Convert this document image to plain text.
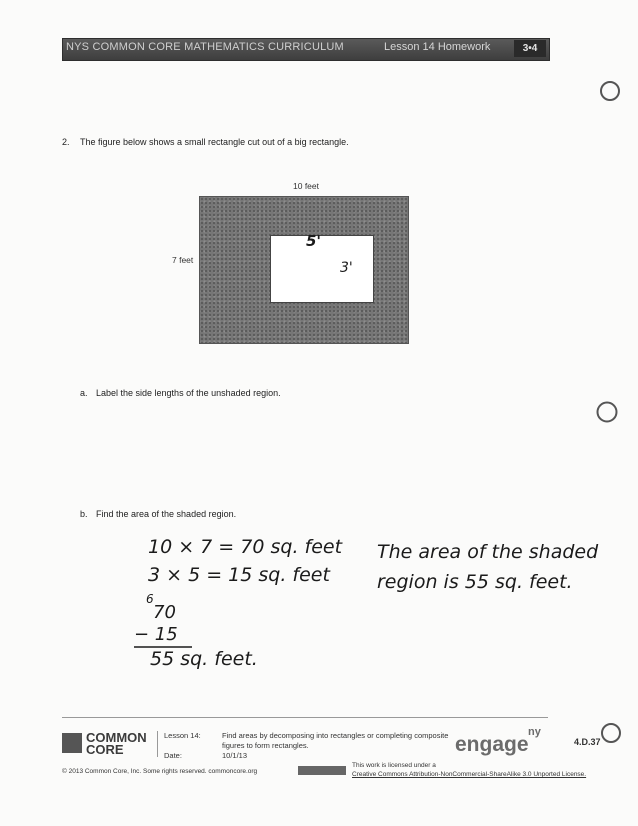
NYS COMMON CORE MATHEMATICS CURRICULUM	Lesson 14 Homework	3•4
2. The figure below shows a small rectangle cut out of a big rectangle.
10 feet
7 feet
5'
3'
a. Label the side lengths of the unshaded region.
b. Find the area of the shaded region.
10 × 7 = 70 sq. feet
3 × 5 = 15 sq. feet
6
70
− 15
55 sq. feet.
The area of the shaded
region is 55 sq. feet.
COMMON
CORE
Lesson 14:	Find areas by decomposing into rectangles or completing composite
figures to form rectangles.
Date:	10/1/13	engage
ny
4.D.37
© 2013 Common Core, Inc. Some rights reserved. commoncore.org
This work is licensed under a
Creative Commons Attribution-NonCommercial-ShareAlike 3.0 Unported License.
